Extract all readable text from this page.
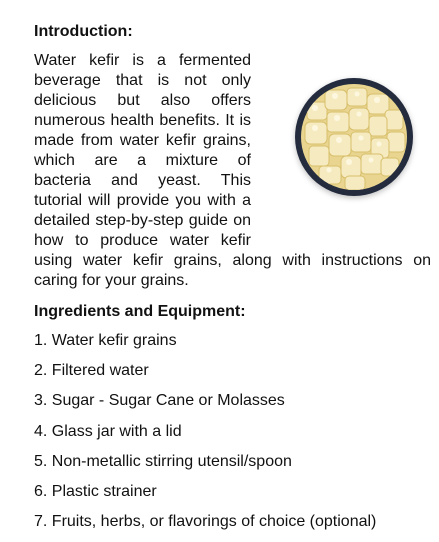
Introduction:
Water kefir is a fermented beverage that is not only delicious but also offers numerous health benefits. It is made from water kefir grains, which are a mixture of bacteria and yeast. This tutorial will provide you with a detailed step-by-step guide on how to produce water kefir using water kefir grains, along with instructions on caring for your grains.
Ingredients and Equipment:
1. Water kefir grains
2. Filtered water
3. Sugar - Sugar Cane or Molasses
4. Glass jar with a lid
5. Non-metallic stirring utensil/spoon
6. Plastic strainer
7. Fruits, herbs, or flavorings of choice (optional)
